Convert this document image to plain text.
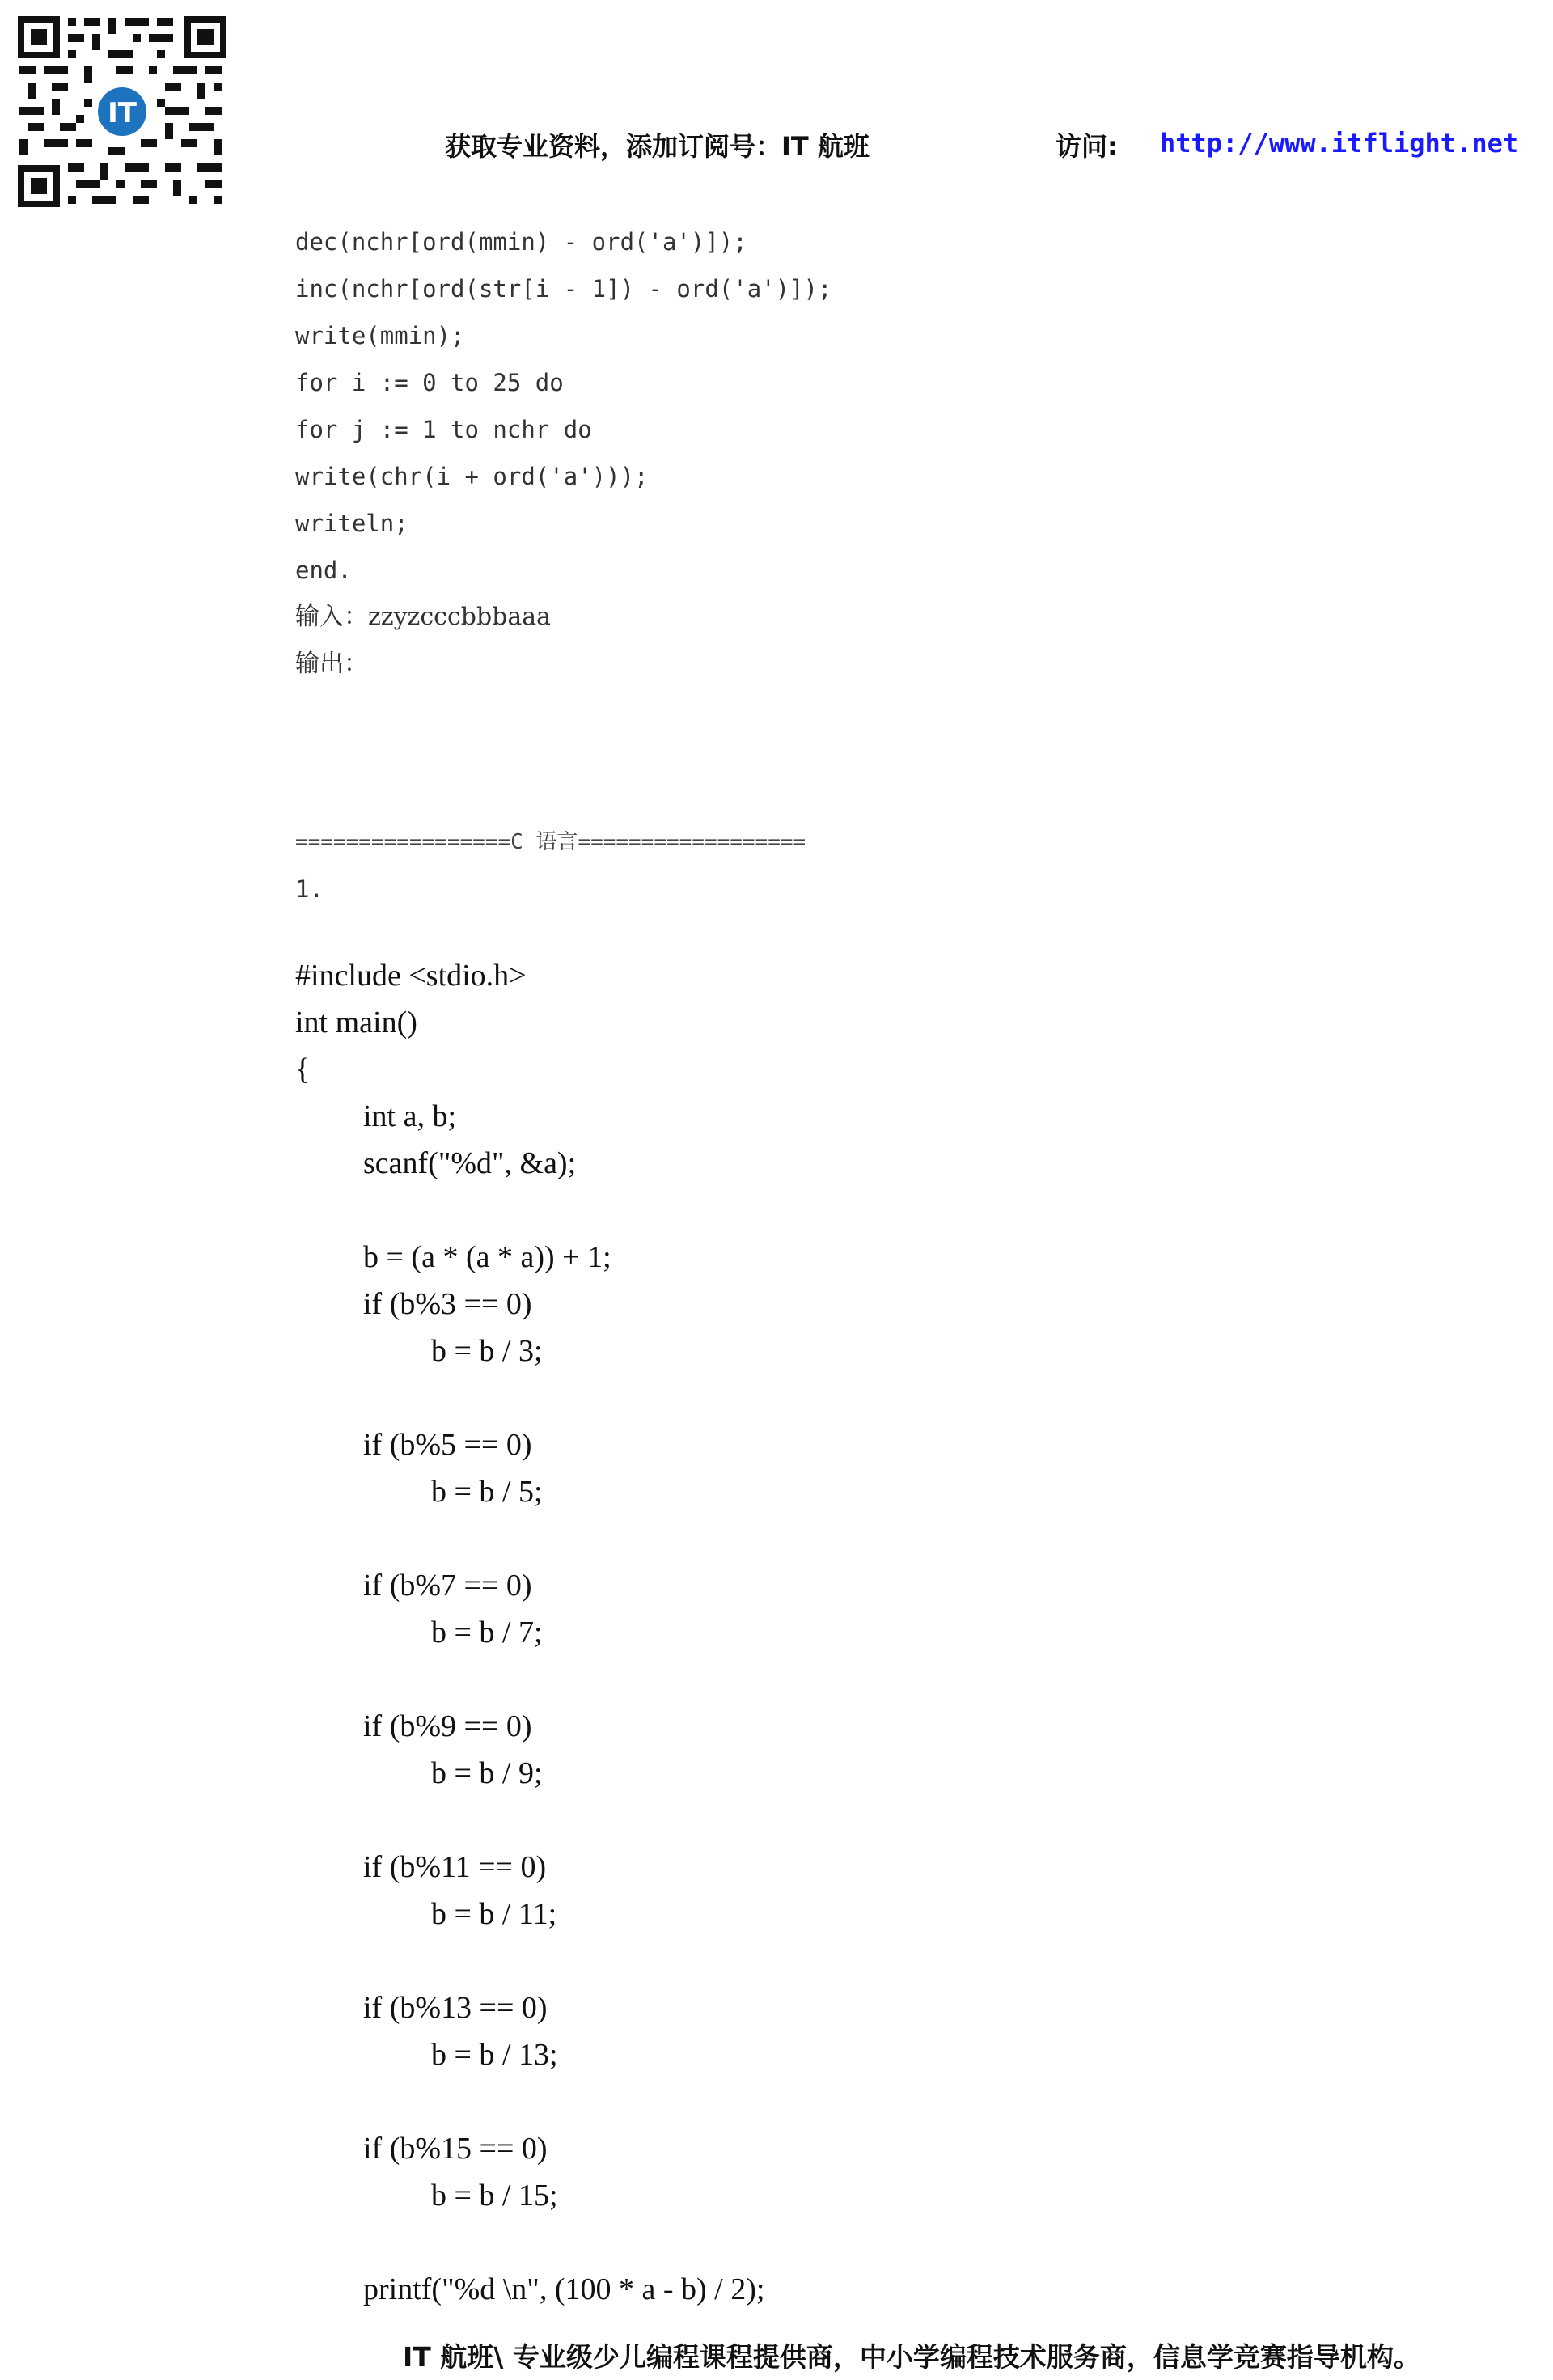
IT
获取专业资料，添加订阅号：IT 航班	访问: http://www.itflight.net
dec(nchr[ord(mmin) - ord('a')]);
inc(nchr[ord(str[i - 1]) - ord('a')]);
write(mmin);
for i := 0 to 25 do
for j := 1 to nchr do
write(chr(i + ord('a')));
writeln;
end.
输入：zzyzcccbbbaaa
输出：
=================C 语言==================
1.
#include <stdio.h>
int main()
{
int a, b;
scanf("%d", &a);
b = (a * (a * a)) + 1;
if (b%3 == 0)
b = b / 3;
if (b%5 == 0)
b = b / 5;
if (b%7 == 0)
b = b / 7;
if (b%9 == 0)
b = b / 9;
if (b%11 == 0)
b = b / 11;
if (b%13 == 0)
b = b / 13;
if (b%15 == 0)
b = b / 15;
printf("%d \n", (100 * a - b) / 2);
IT 航班\ 专业级少儿编程课程提供商，中小学编程技术服务商，信息学竞赛指导机构。
